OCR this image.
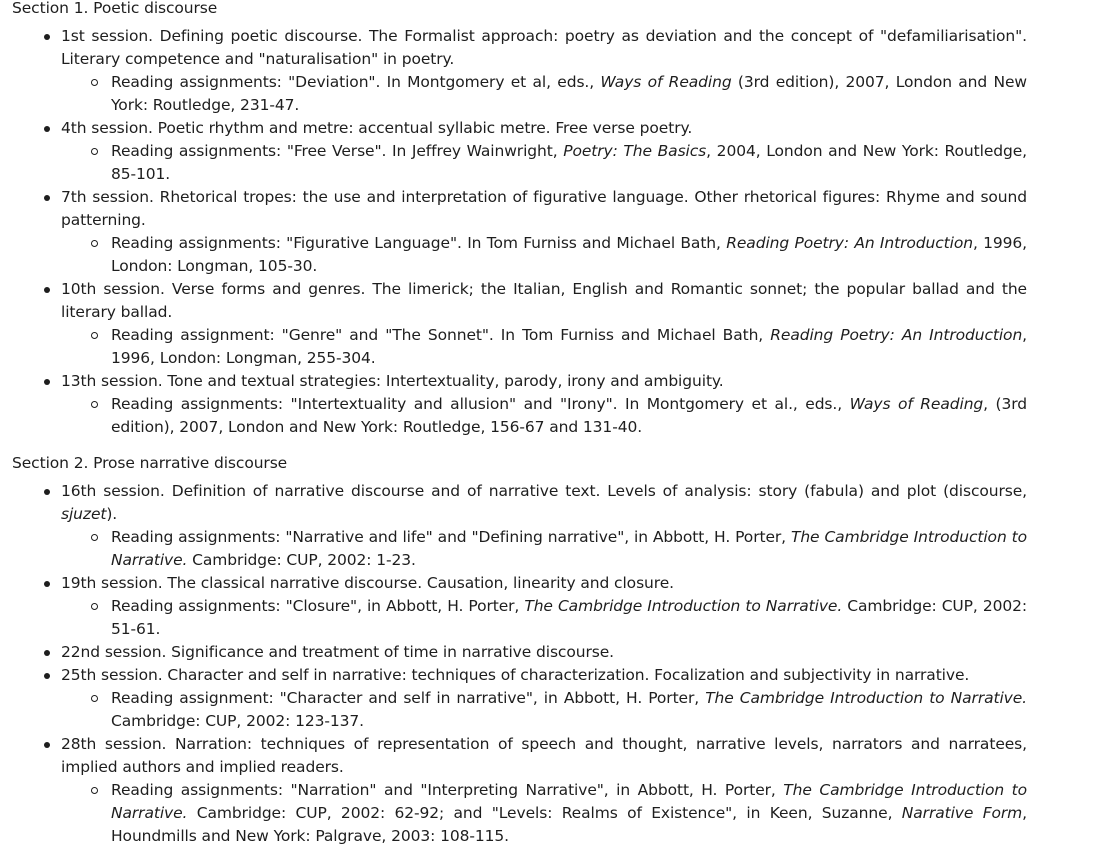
Section 1. Poetic discourse
1st session. Defining poetic discourse. The Formalist approach: poetry as deviation and the concept of "defamiliarisation". Literary competence and "naturalisation" in poetry.
Reading assignments: "Deviation". In Montgomery et al, eds., Ways of Reading (3rd edition), 2007, London and New York: Routledge, 231-47.
4th session. Poetic rhythm and metre: accentual syllabic metre. Free verse poetry.
Reading assignments: "Free Verse". In Jeffrey Wainwright, Poetry: The Basics, 2004, London and New York: Routledge, 85-101.
7th session. Rhetorical tropes: the use and interpretation of figurative language. Other rhetorical figures: Rhyme and sound patterning.
Reading assignments: "Figurative Language". In Tom Furniss and Michael Bath, Reading Poetry: An Introduction, 1996, London: Longman, 105-30.
10th session. Verse forms and genres. The limerick; the Italian, English and Romantic sonnet; the popular ballad and the literary ballad.
Reading assignment: "Genre" and "The Sonnet". In Tom Furniss and Michael Bath, Reading Poetry: An Introduction, 1996, London: Longman, 255-304.
13th session. Tone and textual strategies: Intertextuality, parody, irony and ambiguity.
Reading assignments: "Intertextuality and allusion" and "Irony". In Montgomery et al., eds., Ways of Reading, (3rd edition), 2007, London and New York: Routledge, 156-67 and 131-40.
Section 2. Prose narrative discourse
16th session. Definition of narrative discourse and of narrative text. Levels of analysis: story (fabula) and plot (discourse, sjuzet).
Reading assignments: "Narrative and life" and "Defining narrative", in Abbott, H. Porter, The Cambridge Introduction to Narrative. Cambridge: CUP, 2002: 1-23.
19th session. The classical narrative discourse. Causation, linearity and closure.
Reading assignments: "Closure", in Abbott, H. Porter, The Cambridge Introduction to Narrative. Cambridge: CUP, 2002: 51-61.
22nd session. Significance and treatment of time in narrative discourse.
25th session. Character and self in narrative: techniques of characterization. Focalization and subjectivity in narrative.
Reading assignment: "Character and self in narrative", in Abbott, H. Porter, The Cambridge Introduction to Narrative. Cambridge: CUP, 2002: 123-137.
28th session. Narration: techniques of representation of speech and thought, narrative levels, narrators and narratees, implied authors and implied readers.
Reading assignments: "Narration" and "Interpreting Narrative", in Abbott, H. Porter, The Cambridge Introduction to Narrative. Cambridge: CUP, 2002: 62-92; and "Levels: Realms of Existence", in Keen, Suzanne, Narrative Form, Houndmills and New York: Palgrave, 2003: 108-115.
